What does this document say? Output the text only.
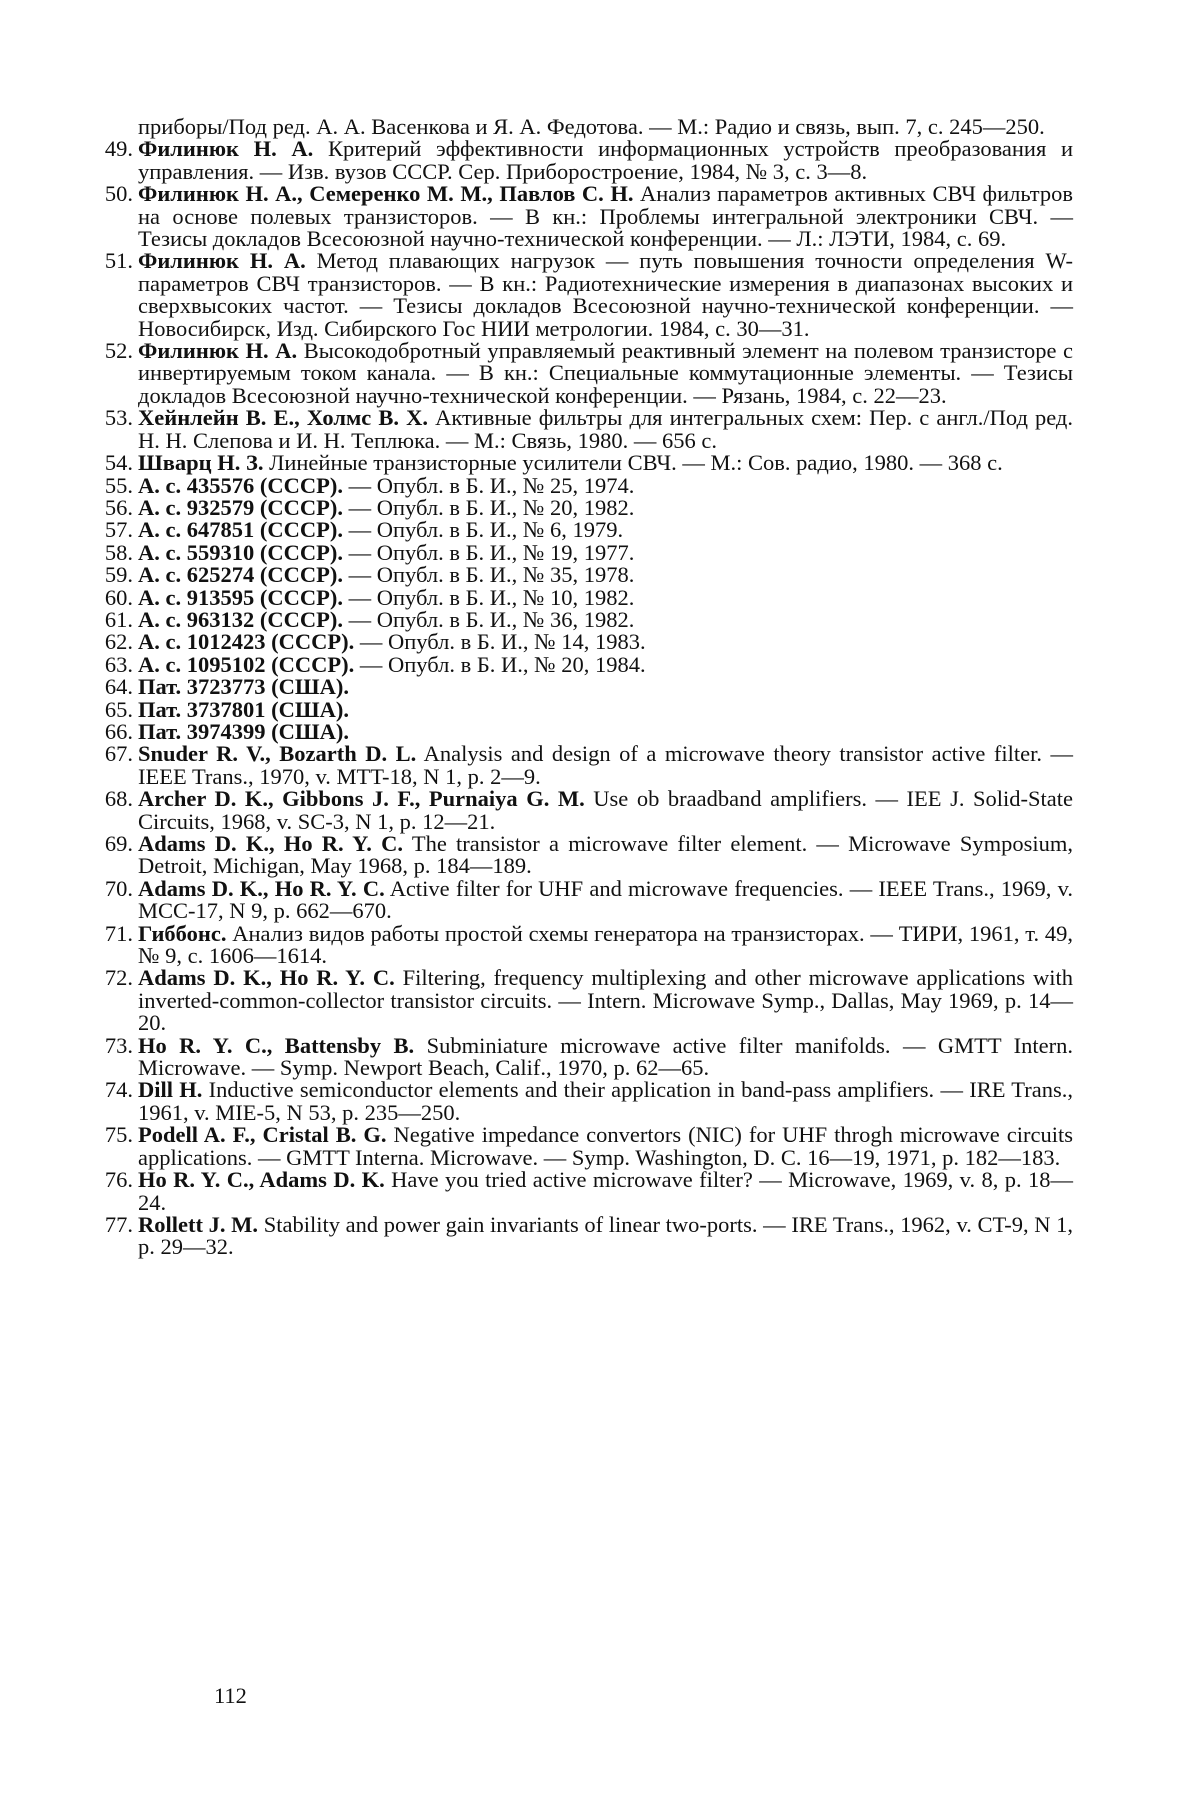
приборы/Под ред. А. А. Васенкова и Я. А. Федотова. — М.: Радио и связь, вып. 7, с. 245—250.
49. Филинюк Н. А. Критерий эффективности информационных устройств преобразования и управления. — Изв. вузов СССР. Сер. Приборостроение, 1984, № 3, с. 3—8.
50. Филинюк Н. А., Семеренко М. М., Павлов С. Н. Анализ параметров активных СВЧ фильтров на основе полевых транзисторов. — В кн.: Проблемы интегральной электроники СВЧ. — Тезисы докладов Всесоюзной научно-технической конференции. — Л.: ЛЭТИ, 1984, с. 69.
51. Филинюк Н. А. Метод плавающих нагрузок — путь повышения точности определения W-параметров СВЧ транзисторов. — В кн.: Радиотехнические измерения в диапазонах высоких и сверхвысоких частот. — Тезисы докладов Всесоюзной научно-технической конференции. — Новосибирск, Изд. Сибирского Гос НИИ метрологии. 1984, с. 30—31.
52. Филинюк Н. А. Высокодобротный управляемый реактивный элемент на полевом транзисторе с инвертируемым током канала. — В кн.: Специальные коммутационные элементы. — Тезисы докладов Всесоюзной научно-технической конференции. — Рязань, 1984, с. 22—23.
53. Хейнлейн В. Е., Холмс В. Х. Активные фильтры для интегральных схем: Пер. с англ./Под ред. Н. Н. Слепова и И. Н. Теплюка. — М.: Связь, 1980. — 656 с.
54. Шварц Н. З. Линейные транзисторные усилители СВЧ. — М.: Сов. радио, 1980. — 368 с.
55. А. с. 435576 (СССР). — Опубл. в Б. И., № 25, 1974.
56. А. с. 932579 (СССР). — Опубл. в Б. И., № 20, 1982.
57. А. с. 647851 (СССР). — Опубл. в Б. И., № 6, 1979.
58. А. с. 559310 (СССР). — Опубл. в Б. И., № 19, 1977.
59. А. с. 625274 (СССР). — Опубл. в Б. И., № 35, 1978.
60. А. с. 913595 (СССР). — Опубл. в Б. И., № 10, 1982.
61. А. с. 963132 (СССР). — Опубл. в Б. И., № 36, 1982.
62. А. с. 1012423 (СССР). — Опубл. в Б. И., № 14, 1983.
63. А. с. 1095102 (СССР). — Опубл. в Б. И., № 20, 1984.
64. Пат. 3723773 (США).
65. Пат. 3737801 (США).
66. Пат. 3974399 (США).
67. Snuder R. V., Bozarth D. L. Analysis and design of a microwave theory transistor active filter. — IEEE Trans., 1970, v. MTT-18, N 1, p. 2—9.
68. Archer D. K., Gibbons J. F., Purnaiya G. M. Use ob braadband amplifiers. — IEE J. Solid-State Circuits, 1968, v. SC-3, N 1, p. 12—21.
69. Adams D. K., Ho R. Y. C. The transistor a microwave filter element. — Microwave Symposium, Detroit, Michigan, May 1968, p. 184—189.
70. Adams D. K., Ho R. Y. C. Active filter for UHF and microwave frequencies. — IEEE Trans., 1969, v. MCC-17, N 9, p. 662—670.
71. Гиббонс. Анализ видов работы простой схемы генератора на транзисторах. — ТИРИ, 1961, т. 49, № 9, с. 1606—1614.
72. Adams D. K., Ho R. Y. C. Filtering, frequency multiplexing and other microwave applications with inverted-common-collector transistor circuits. — Intern. Microwave Symp., Dallas, May 1969, p. 14—20.
73. Ho R. Y. C., Battensby B. Subminiature microwave active filter manifolds. — GMTT Intern. Microwave. — Symp. Newport Beach, Calif., 1970, p. 62—65.
74. Dill H. Inductive semiconductor elements and their application in band-pass amplifiers. — IRE Trans., 1961, v. MIE-5, N 53, p. 235—250.
75. Podell A. F., Cristal B. G. Negative impedance convertors (NIC) for UHF throgh microwave circuits applications. — GMTT Interna. Microwave. — Symp. Washington, D. C. 16—19, 1971, p. 182—183.
76. Ho R. Y. C., Adams D. K. Have you tried active microwave filter? — Microwave, 1969, v. 8, p. 18—24.
77. Rollett J. M. Stability and power gain invariants of linear two-ports. — IRE Trans., 1962, v. CT-9, N 1, p. 29—32.
112
